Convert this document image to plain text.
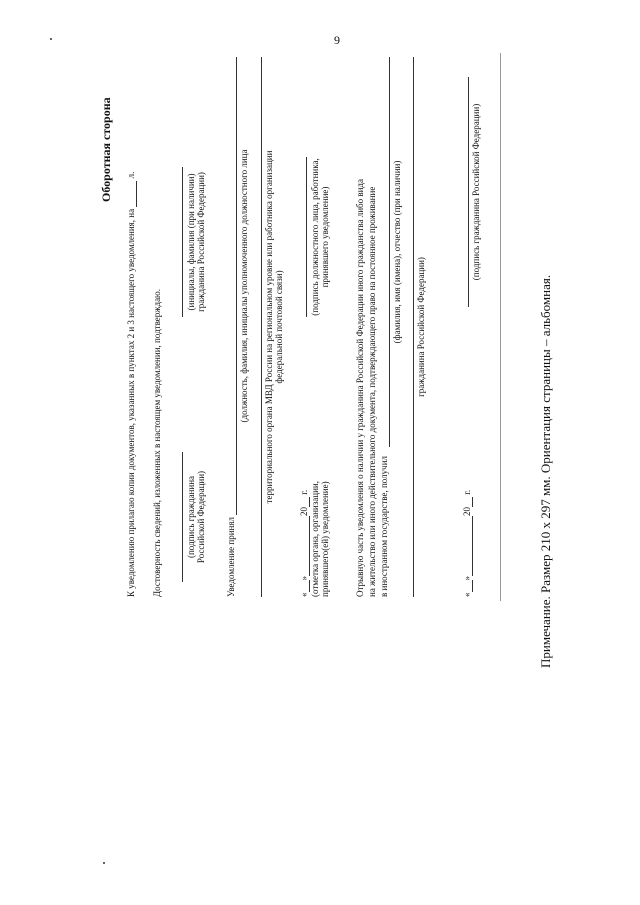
9
Оборотная сторона
К уведомлению прилагаю копии документов, указанных в пунктах 2 и 3 настоящего уведомления, на   л.
Достоверность сведений, изложенных в настоящем уведомлении, подтверждаю.	(подпись гражданина Российской Федерации)
(инициалы, фамилия (при наличии) гражданина Российской Федерации)
Уведомление принял
(должность, фамилия, инициалы уполномоченного должностного лица территориального органа МВД России на региональном уровне или работника организации федеральной почтовой связи)
« » 20  г. (отметка органа, организации, принявшего(ей) уведомление)
(подпись должностного лица, работника, принявшего уведомление)	Отрывную часть уведомления о наличии у гражданина Российской Федерации иного гражданства либо вида на жительство или иного действительного документа, подтверждающего право на постоянное проживание в иностранном государстве, получил
(фамилия, имя (имена), отчество (при наличии) гражданина Российской Федерации)
« » 20  г.
(подпись гражданина Российской Федерации)
Примечание. Размер 210 х 297 мм. Ориентация страницы – альбомная.
